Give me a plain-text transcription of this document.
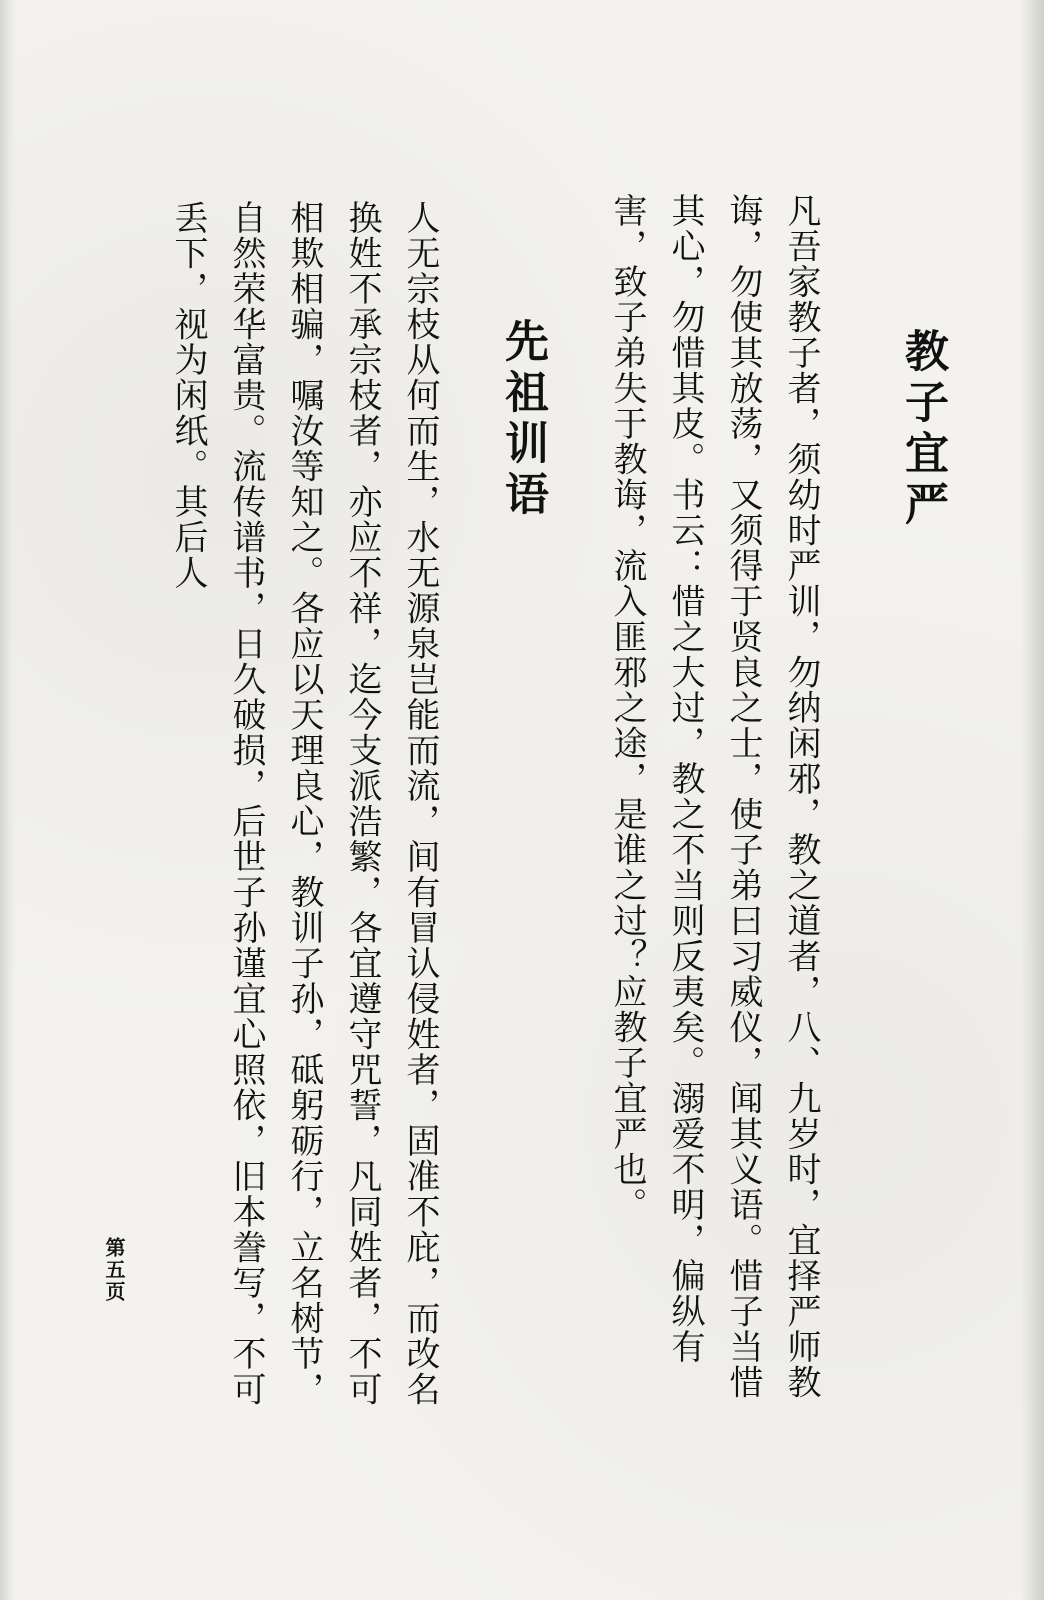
教子宜严
凡吾家教子者，须幼时严训，勿纳闲邪，教之道者，八、九岁时，宜择严师教诲，勿使其放荡，又须得于贤良之士，使子弟曰习威仪，闻其义语。惜子当惜其心，勿惜其皮。书云：惜之大过，教之不当则反夷矣。溺爱不明，偏纵有害，致子弟失于教诲，流入匪邪之途，是谁之过？应教子宜严也。
先祖训语
人无宗枝从何而生，水无源泉岂能而流，间有冒认侵姓者，固准不庇，而改名换姓不承宗枝者，亦应不祥，迄今支派浩繁，各宜遵守咒誓，凡同姓者，不可相欺相骗，嘱汝等知之。各应以天理良心，教训子孙，砥躬砺行，立名树节，自然荣华富贵。流传谱书，日久破损，后世子孙谨宜心照依，旧本誊写，不可丢下，视为闲纸。其后人
第五页
